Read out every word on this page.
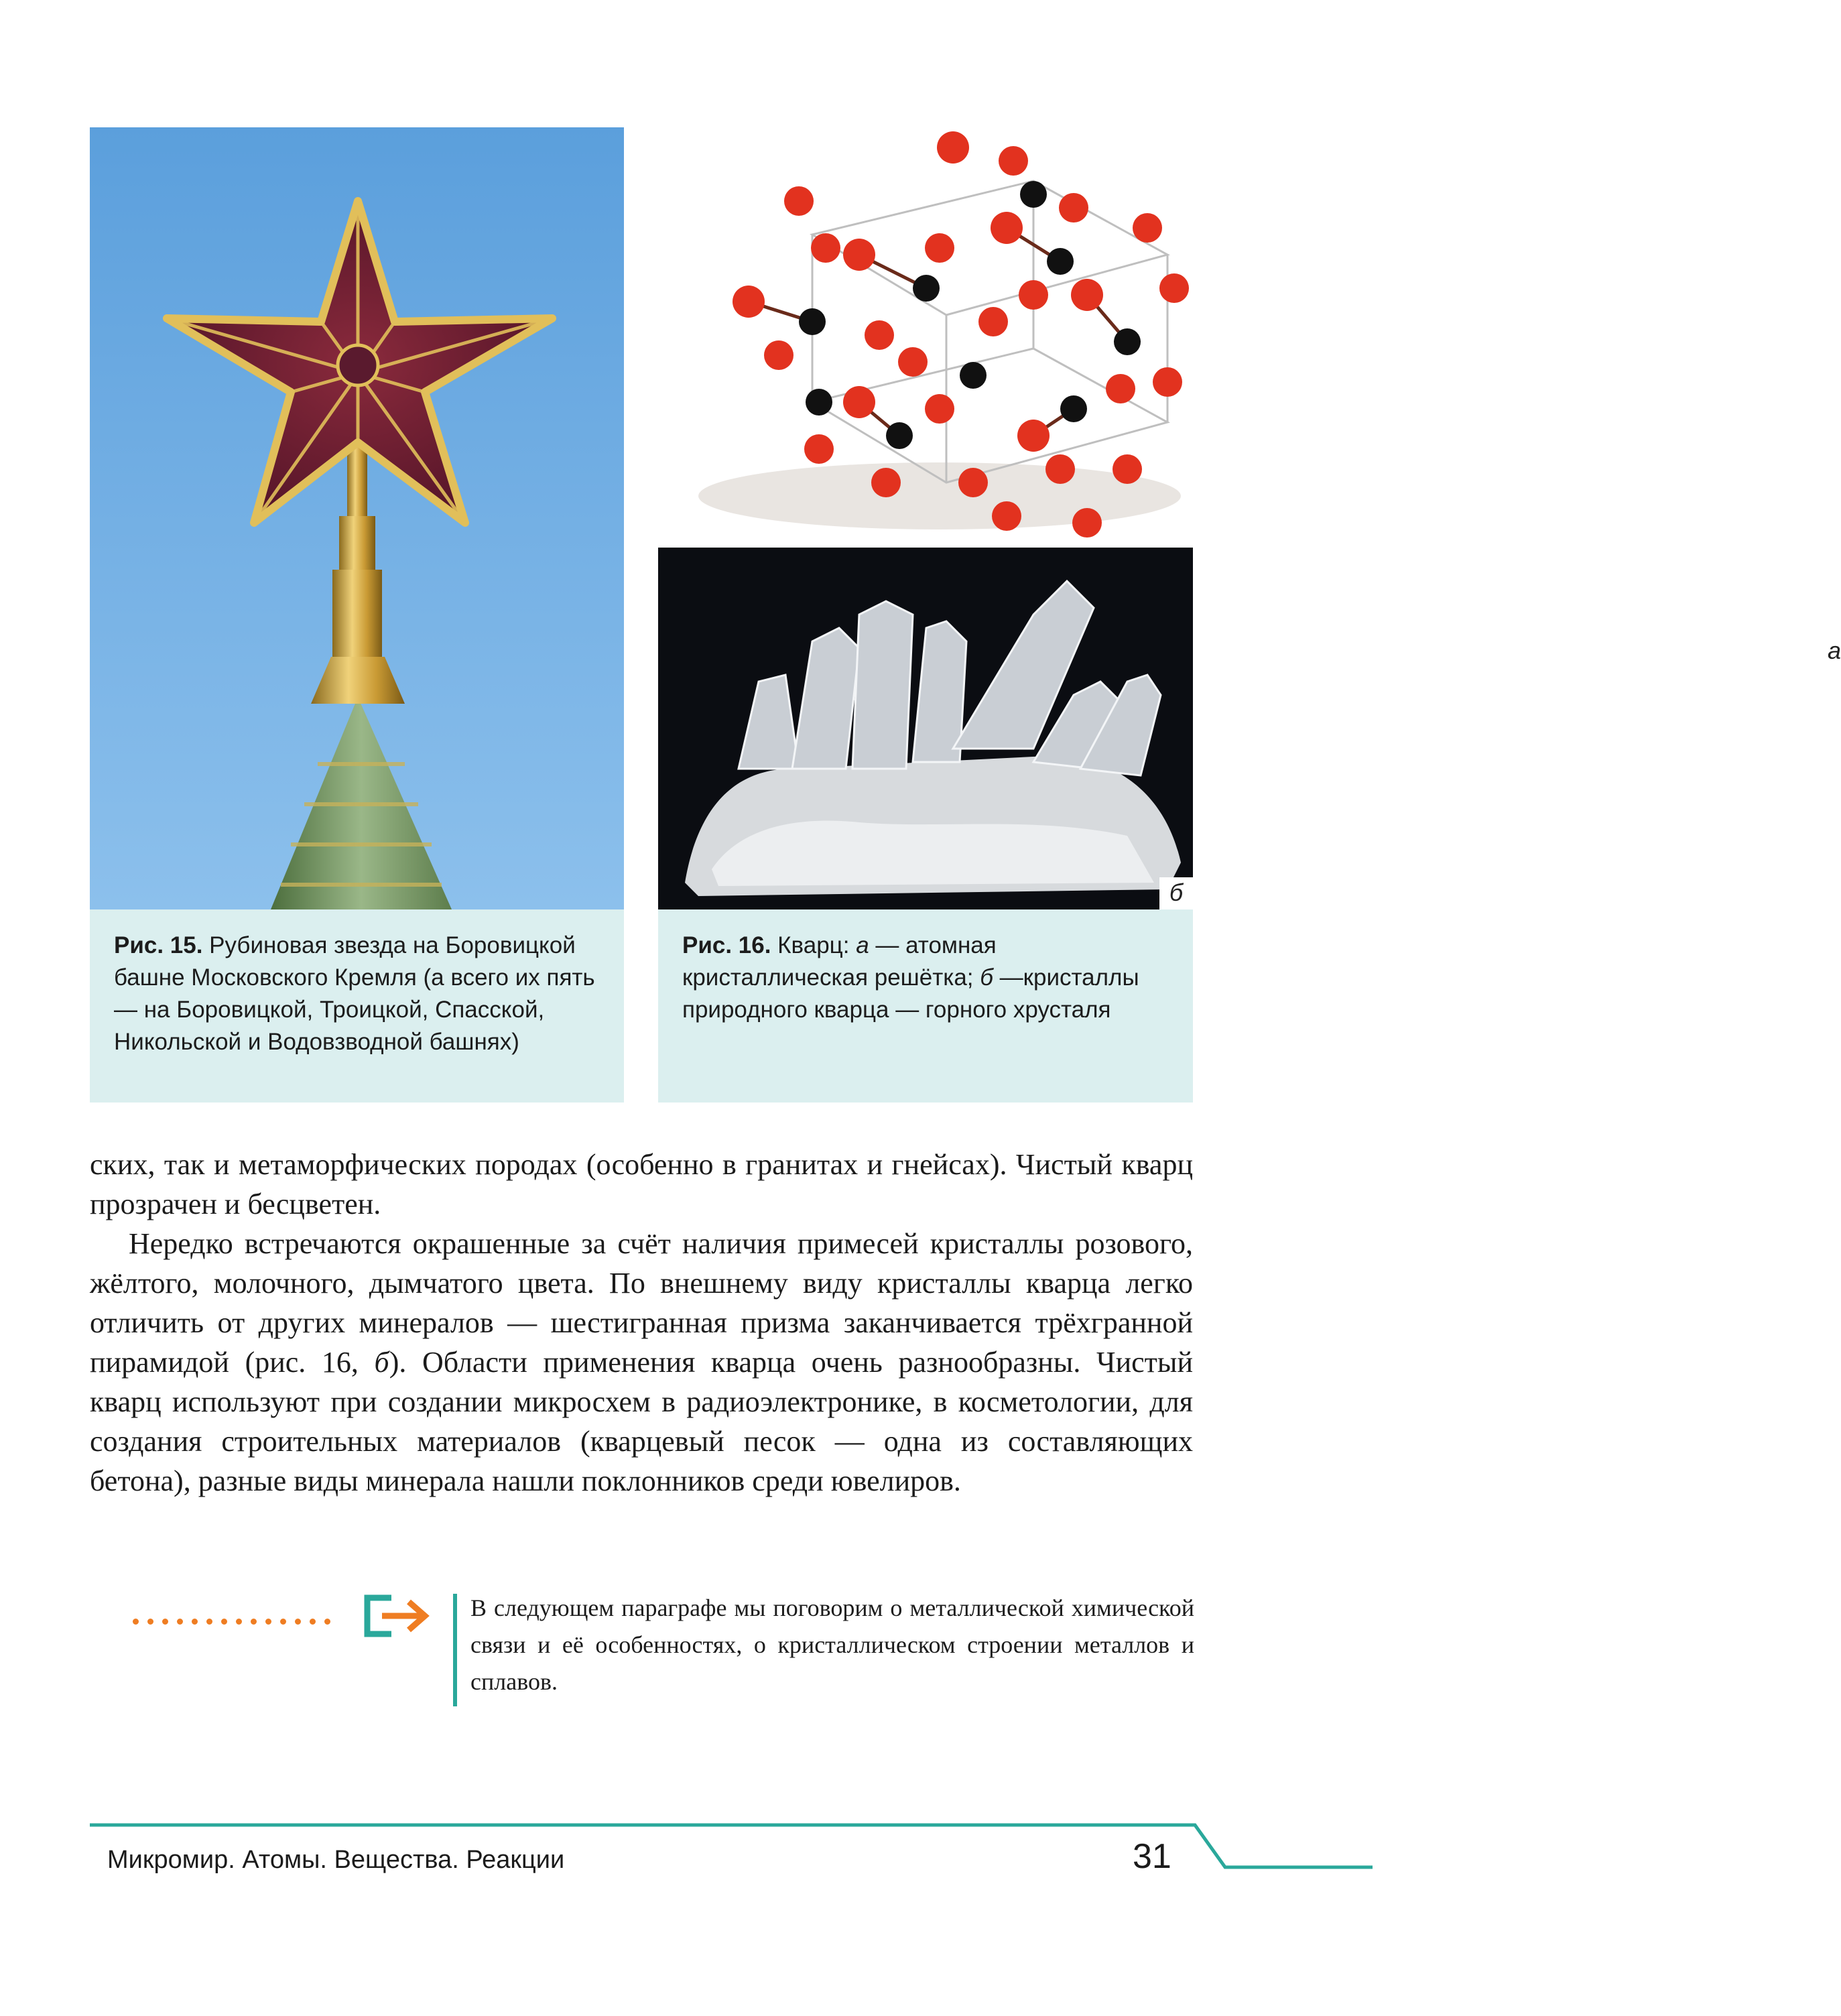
а
б
Рис. 15. Рубиновая звезда на Боровицкой башне Московского Кремля (а всего их пять — на Боровицкой, Троицкой, Спасской, Никольской и Водовзводной башнях)
Рис. 16. Кварц: а — атомная кристаллическая решётка; б —кристаллы природного кварца — горного хрусталя

ских, так и метаморфических породах (особенно в гранитах и гнейсах). Чистый кварц прозрачен и бесцветен.

Нередко встречаются окрашенные за счёт наличия примесей кристаллы розового, жёлтого, молочного, дымчатого цвета. По внешнему виду кристаллы кварца легко отличить от других минералов — шестигранная призма заканчивается трёхгранной пирамидой (рис. 16, б). Области применения кварца очень разнообразны. Чистый кварц используют при создании микросхем в радиоэлектронике, в косметологии, для создания строительных материалов (кварцевый песок — одна из составляющих бетона), разные виды минерала нашли поклонников среди ювелиров.

В следующем параграфе мы поговорим о металлической химической связи и её особенностях, о кристаллическом строении металлов и сплавов.
Микромир. Атомы. Вещества. Реакции	31
